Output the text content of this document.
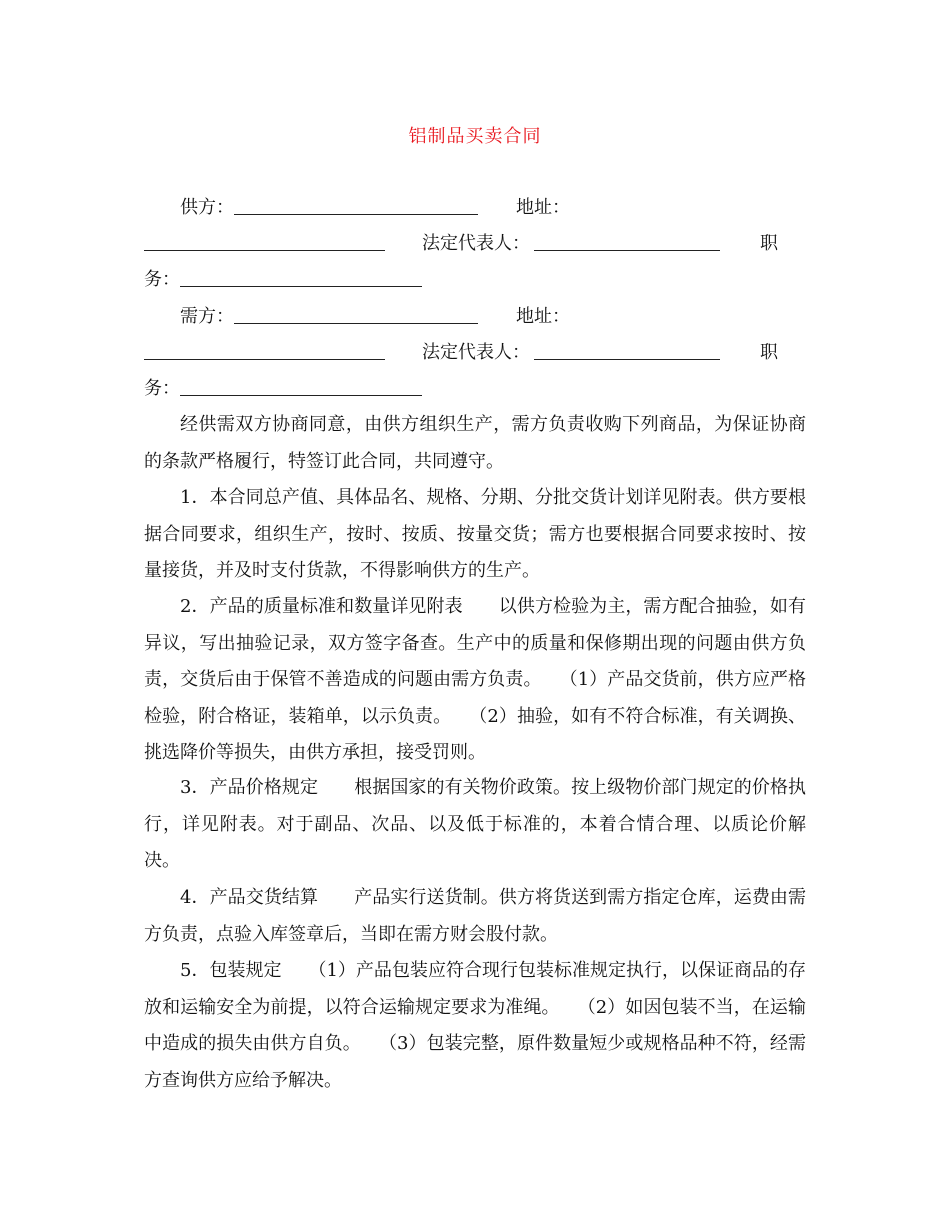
铝制品买卖合同
供方：	地址：
法定代表人：	职
务：
需方：	地址：
法定代表人：	职
务：

经供需双方协商同意，由供方组织生产，需方负责收购下列商品，为保证协商的条款严格履行，特签订此合同，共同遵守。

1．本合同总产值、具体品名、规格、分期、分批交货计划详见附表。供方要根据合同要求，组织生产，按时、按质、按量交货；需方也要根据合同要求按时、按量接货，并及时支付货款，不得影响供方的生产。

2．产品的质量标准和数量详见附表　　以供方检验为主，需方配合抽验，如有异议，写出抽验记录，双方签字备查。生产中的质量和保修期出现的问题由供方负责，交货后由于保管不善造成的问题由需方负责。　　（1）产品交货前，供方应严格检验，附合格证，装箱单，以示负责。　　（2）抽验，如有不符合标准，有关调换、挑选降价等损失，由供方承担，接受罚则。

3．产品价格规定　　根据国家的有关物价政策。按上级物价部门规定的价格执行，详见附表。对于副品、次品、以及低于标准的，本着合情合理、以质论价解决。

4．产品交货结算　　产品实行送货制。供方将货送到需方指定仓库，运费由需方负责，点验入库签章后，当即在需方财会股付款。

5．包装规定　　（1）产品包装应符合现行包装标准规定执行，以保证商品的存放和运输安全为前提，以符合运输规定要求为准绳。　　（2）如因包装不当，在运输中造成的损失由供方自负。　　（3）包装完整，原件数量短少或规格品种不符，经需方查询供方应给予解决。
